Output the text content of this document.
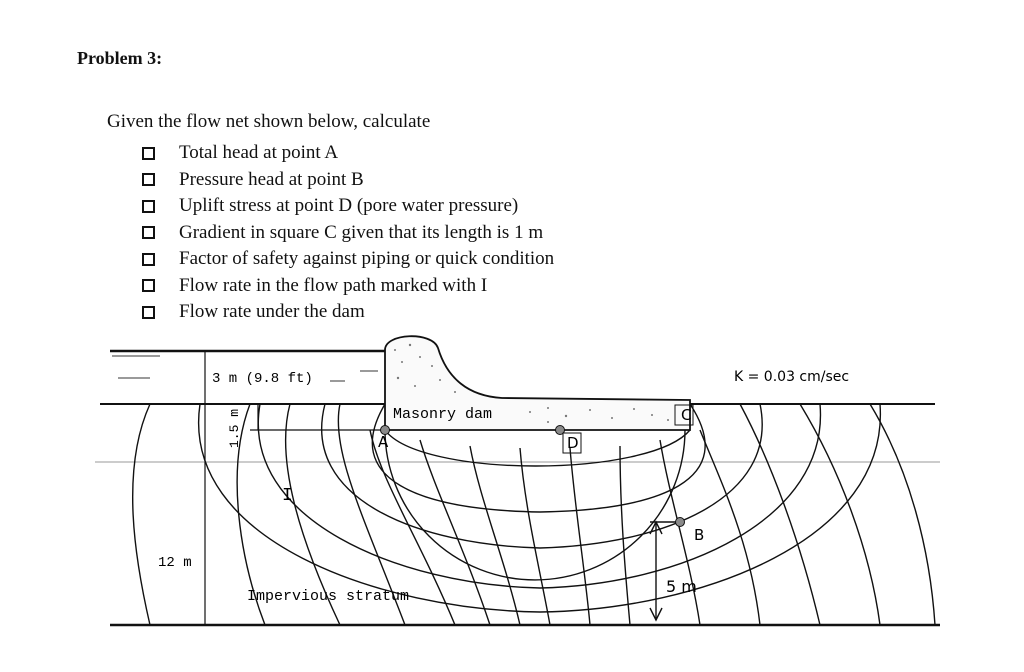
Problem 3:
Given the flow net shown below, calculate
Total head at point A
Pressure head at point B
Uplift stress at point D (pore water pressure)
Gradient in square C given that its length is 1 m
Factor of safety against piping or quick condition
Flow rate in the flow path marked with I
Flow rate under the dam
3 m (9.8 ft)
Masonry dam
K = 0.03 cm/sec
1.5 m
12 m
I
A	D
C
B
Impervious stratum
5 m
